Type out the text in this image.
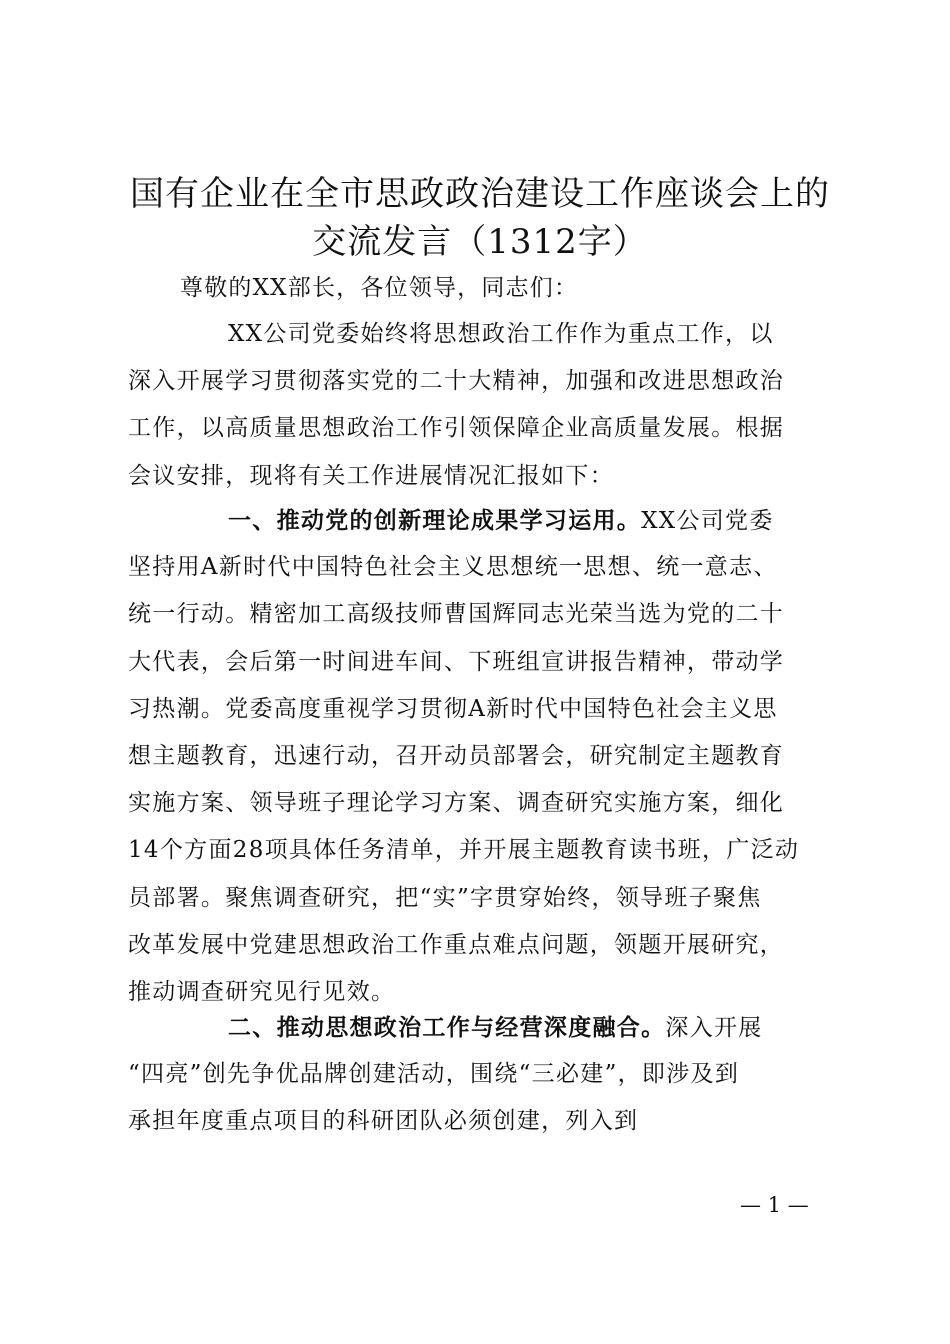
国有企业在全市思政政治建设工作座谈会上的
交流发言（1312字）
尊敬的XX部长，各位领导，同志们：
XX公司党委始终将思想政治工作作为重点工作，以
深入开展学习贯彻落实党的二十大精神，加强和改进思想政治
工作，以高质量思想政治工作引领保障企业高质量发展。根据
会议安排，现将有关工作进展情况汇报如下：
一、推动党的创新理论成果学习运用。XX公司党委
坚持用A新时代中国特色社会主义思想统一思想、统一意志、
统一行动。精密加工高级技师曹国辉同志光荣当选为党的二十
大代表，会后第一时间进车间、下班组宣讲报告精神，带动学
习热潮。党委高度重视学习贯彻A新时代中国特色社会主义思
想主题教育，迅速行动，召开动员部署会，研究制定主题教育
实施方案、领导班子理论学习方案、调查研究实施方案，细化
14个方面28项具体任务清单，并开展主题教育读书班，广泛动
员部署。聚焦调查研究，把“实”字贯穿始终，领导班子聚焦
改革发展中党建思想政治工作重点难点问题，领题开展研究，
推动调查研究见行见效。
二、推动思想政治工作与经营深度融合。深入开展
“四亮”创先争优品牌创建活动，围绕“三必建”，即涉及到
承担年度重点项目的科研团队必须创建，列入到
— 1 —
